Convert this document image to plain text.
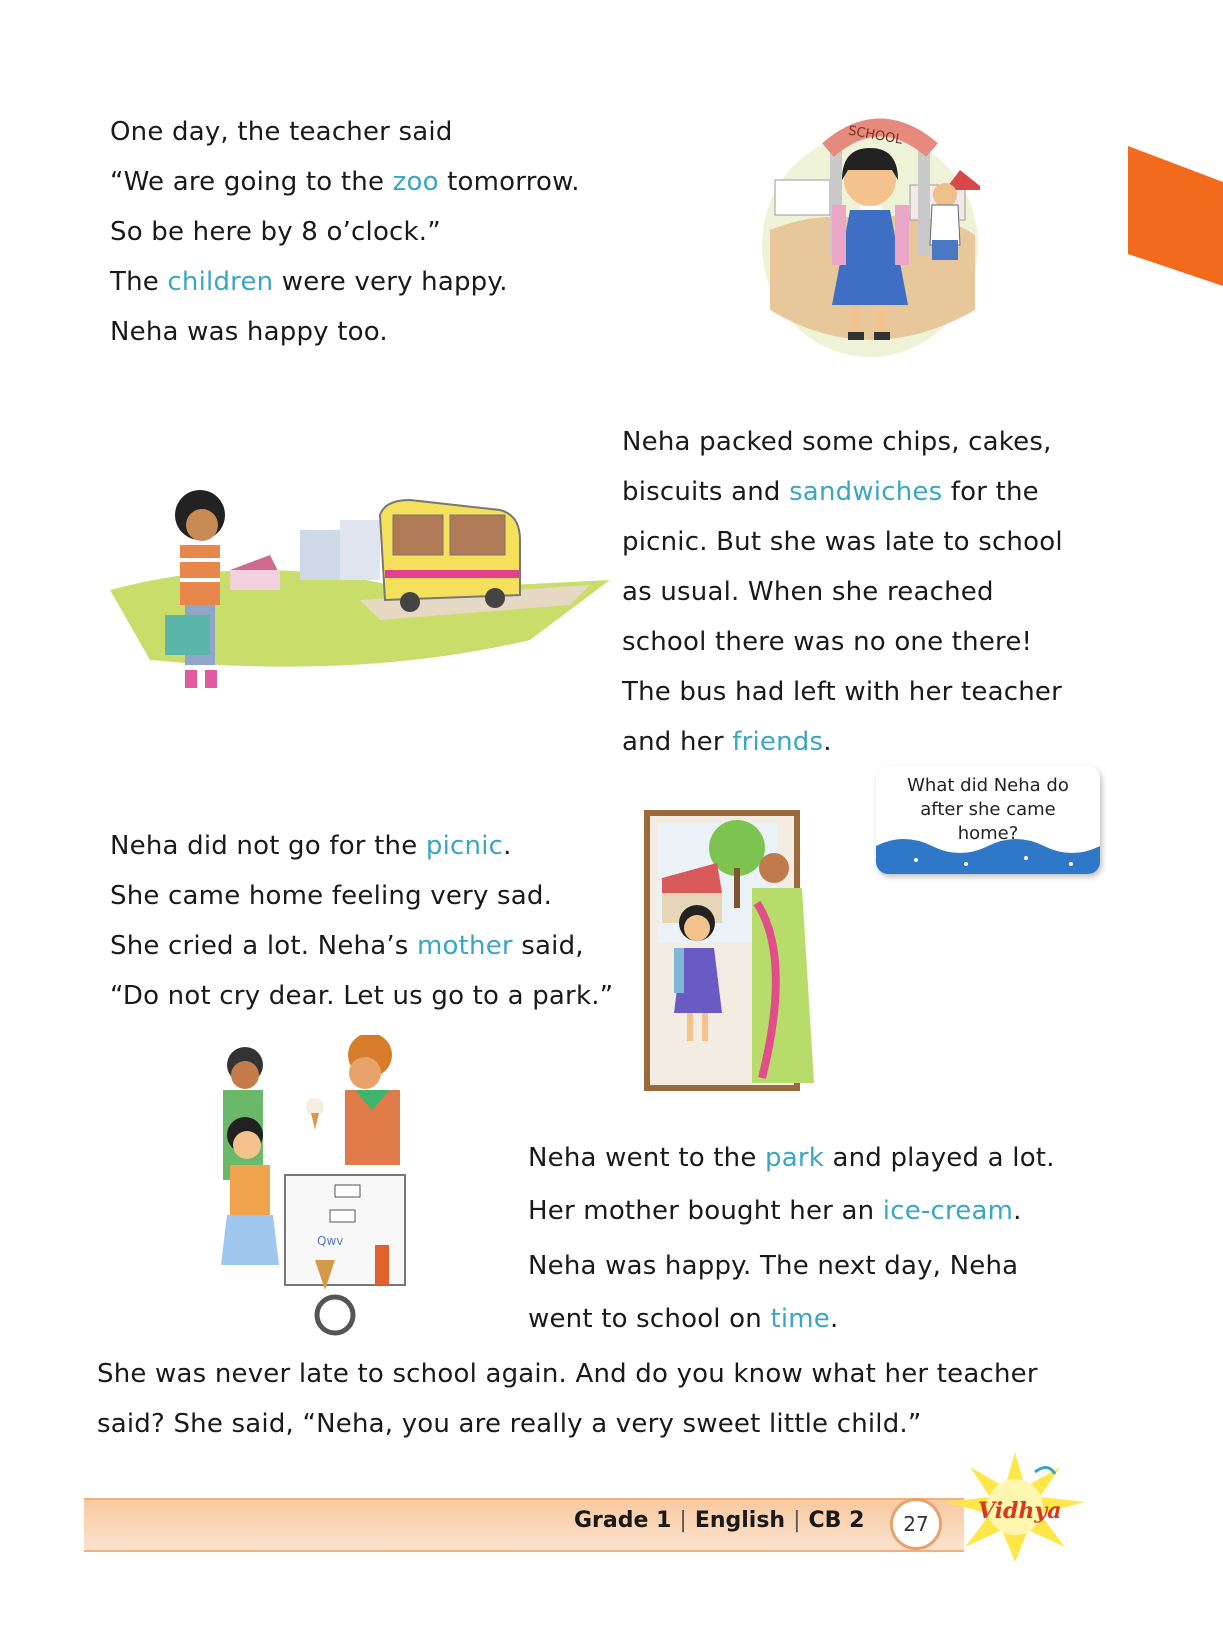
One day, the teacher said
“We are going to the zoo tomorrow.
So be here by 8 o’clock.”
The children were very happy.
Neha was happy too.
SCHOOL
Neha packed some chips, cakes,
biscuits and sandwiches for the
picnic. But she was late to school
as usual. When she reached
school there was no one there!
The bus had left with her teacher
and her friends.
What did Neha do
after she came
home?
Neha did not go for the picnic.
She came home feeling very sad.
She cried a lot. Neha’s mother said,
“Do not cry dear. Let us go to a park.”
Qwv
Neha went to the park and played a lot.
Her mother bought her an ice-cream.
Neha was happy. The next day, Neha
went to school on time.
She was never late to school again. And do you know what her teacher
said? She said, “Neha, you are really a very sweet little child.”
Grade 1 | English | CB 2	27	Vidhya
